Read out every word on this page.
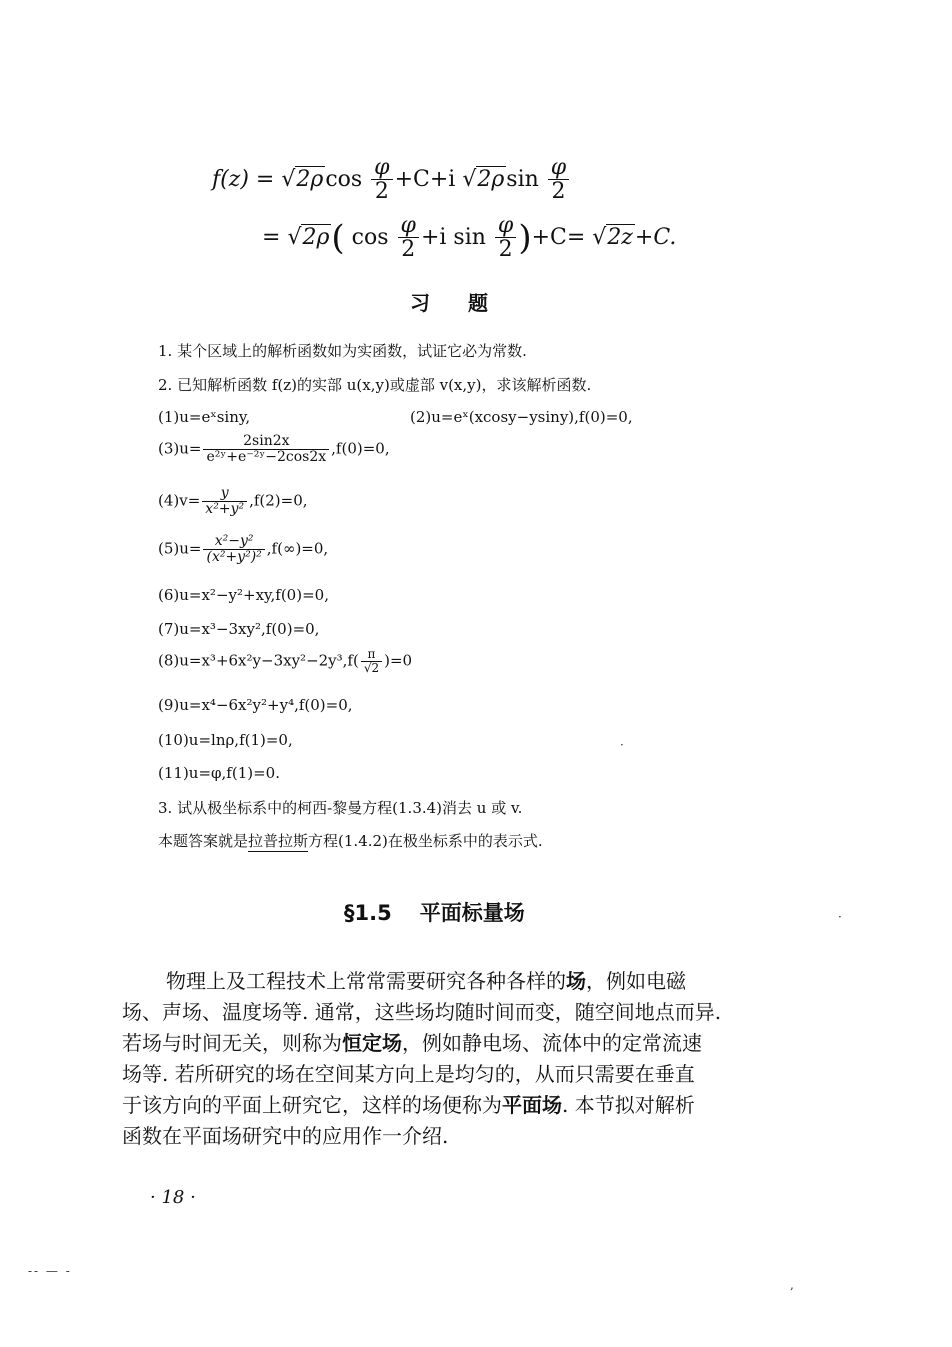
$f(z) = √2\rho\cos \frac{\varphi}{2} +C+i$ $√2\rho\sin \frac{\varphi}{2}$
= √2ρ( $\cos \frac{\varphi}{2} +i$ $\sin \frac{\varphi}{2} )+C= √2z+C$.
习题
1. 某个区域上的解析函数如为实函数，试证它必为常数.
2. 已知解析函数 f(z)的实部 u(x,y)或虚部 v(x,y)，求该解析函数.
(1)u=eˣsiny,	(2)u=eˣ(xcosy−ysiny),f(0)=0,
$(3)u= \frac{2\sin 2x}{\text{e²ʸ+e⁻²ʸ−2cos2x}} ,f(0)=0$,
$(4)v= \frac{y}{\text{x²+y²}} ,f(2)=0$,
$(5)u= \frac{\text{x²−y²}}{\text{(x²+y²)²}} ,f(\infty)=0$,
(6)u=x²−y²+xy,f(0)=0,
(7)u=x³−3xy²,f(0)=0,
$(8)u=x^3+6x^2y-3xy^2-2y^3,f( \frac{\pi}{√2} )=0$
(9)u=x⁴−6x²y²+y⁴,f(0)=0,
(10)u=lnρ,f(1)=0,
(11)u=φ,f(1)=0.
3. 试从极坐标系中的柯西-黎曼方程(1.3.4)消去 u 或 v.
本题答案就是拉普拉斯方程(1.4.2)在极坐标系中的表示式.
·
§1.5 平面标量场	·

物理上及工程技术上常常需要研究各种各样的场，例如电磁

场、声场、温度场等. 通常，这些场均随时间而变，随空间地点而异.

若场与时间无关，则称为恒定场，例如静电场、流体中的定常流速

场等. 若所研究的场在空间某方向上是均匀的，从而只需要在垂直

于该方向的平面上研究它，这样的场便称为平面场. 本节拟对解析

函数在平面场研究中的应用作一介绍.

· 18 ·
-- — -
,
